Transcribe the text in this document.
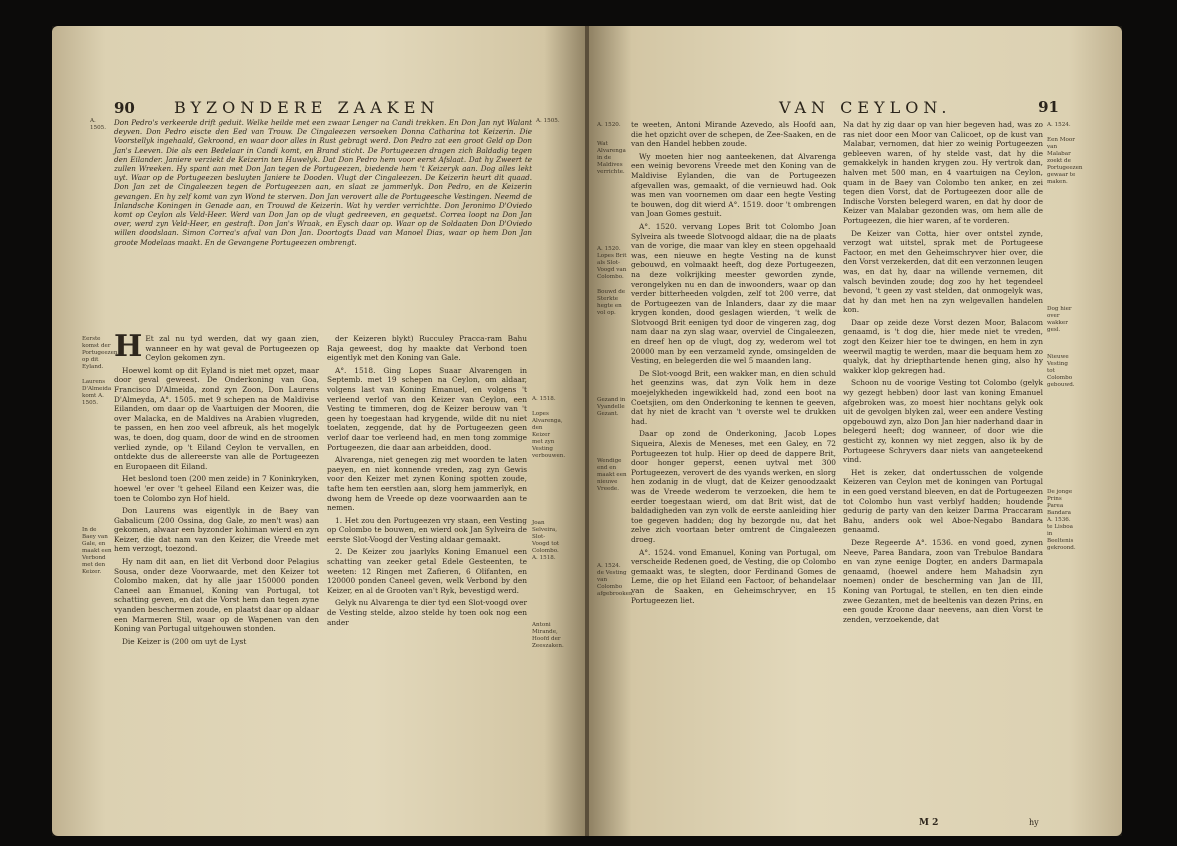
90 BYZONDERE ZAAKEN
A. 1505.
A. 1505.
Don Pedro's verkeerde drift geduit. Welke heilde met een zwaar Lenger na Candi trekken. En Don Jan nyt Walant deyven. Don Pedro eiscte den Eed van Trouw. De Cingaleezen versoeken Donna Catharina tot Keizerin. Die Voorstellyk ingehaald, Gekroond, en waar door alles in Rust gebragt werd. Don Pedro zat een groot Geld op Don Jan's Leeven. Die als een Bedelaar in Candi komt, en Brand sticht. De Portugeezen dragen zich Baldadig tegen den Eilander. Janiere verziekt de Keizerin ten Huwelyk. Dat Don Pedro hem voor eerst Afslaat. Dat hy Zweert te zullen Wreeken. Hy spant aan met Don Jan tegen de Portugeezen, biedende hem 't Keizeryk aan. Dog alles lekt uyt. Waar op de Portugeezen besluyten Janiere te Dooden. Vlugt der Cingaleezen. De Keizerin heurt dit quaad. Don Jan zet de Cingaleezen tegen de Portugeezen aan, en slaat ze jammerlyk. Don Pedro, en de Keizerin gevangen. En hy zelf komt van zyn Wond te sterven. Don Jan verovert alle de Portugeesche Vestingen. Neemd de Inlandsche Koningen in Genade aan, en Trouwd de Keizerin. Wat hy verder verrichtte. Don Jeronimo D'Oviedo komt op Ceylon als Veld-Heer. Werd van Don Jan op de vlugt gedreeven, en gequetst. Correa loopt na Don Jan over, werd zyn Veld-Heer, en gestraft. Don Jan's Wraak, en Eysch daar op. Waar op de Soldaaten Don D'Oviedo willen doodslaan. Simon Correa's afval van Don Jan. Doortogts Daad van Manoel Dias, waar op hem Don Jan groote Modelaas maakt. En de Gevangene Portugeezen ombrengt.

H Et zal nu tyd werden, dat wy gaan zien, wanneer en hy wat geval de Portugeezen op Ceylon gekomen zyn.

Hoewel komt op dit Eyland is niet met opzet, maar door geval geweest. De Onderkoning van Goa, Francisco D'Almeida, zond zyn Zoon, Don Laurens D'Almeyda, A°. 1505. met 9 schepen na de Maldivise Eilanden, om daar op de Vaartuigen der Mooren, die over Malacka, en de Maldives na Arabien vlugreden, te passen, en hen zoo veel afbreuk, als het mogelyk was, te doen, dog quam, door de wind en de stroomen verlied zynde, op 't Eiland Ceylon te vervallen, en ontdekte dus de allereerste van alle de Portugeezen en Europaeen dit Eiland.

Het beslond toen (200 men zeide) in 7 Koninkryken, hoewel 'er over 't geheel Eiland een Keizer was, die toen te Colombo zyn Hof hield.

Don Laurens was eigentlyk in de Baey van Gabalicum (200 Ossina, dog Gale, zo men't was) aan gekomen, alwaar een byzonder kohiman wierd en zyn Keizer, die dat nam van den Keizer, die Vreede met hem verzogt, toezond.

Hy nam dit aan, en liet dit Verbond door Pelagius Sousa, onder deze Voorwaarde, met den Keizer tot Colombo maken, dat hy alle jaar 150000 ponden Caneel aan Emanuel, Koning van Portugal, tot schatting geven, en dat die Vorst hem dan tegen zyne vyanden beschermen zoude, en plaatst daar op aldaar een Marmeren Stil, waar op de Wapenen van den Koning van Portugal uitgehouwen stonden.

Die Keizer is (200 om uyt de Lyst

der Keizeren blykt) Rucculey Pracca-ram Bahu Raja geweest, dog hy maakte dat Verbond toen eigentlyk met den Koning van Gale.

A°. 1518. Ging Lopes Suaar Alvarengen in Septemb. met 19 schepen na Ceylon, om aldaar, volgens last van Koning Emanuel, en volgens 't verleend verlof van den Keizer van Ceylon, een Vesting te timmeren, dog de Keizer berouw van 't geen hy toegestaan had krygende, wilde dit nu niet toelaten, zeggende, dat hy de Portugeezen geen verlof daar toe verleend had, en men tong zommige Portugeezen, die daar aan arbeidden, dood.

Alvarenga, niet genegen zig met woorden te laten paeyen, en niet konnende vreden, zag zyn Gewis voor den Keizer met zynen Koning spotten zoude, tafte hem ten eerstlen aan, slorg hem jammerlyk, en dwong hem de Vreede op deze voorwaarden aan te nemen.

1. Het zou den Portugeezen vry staan, een Vesting op Colombo te bouwen, en wierd ook Jan Sylveira de eerste Slot-Voogd der Vesting aldaar gemaakt.

2. De Keizer zou jaarlyks Koning Emanuel een schatting van zeeker getal Edele Gesteenten, te weeten: 12 Ringen met Zafieren, 6 Olifanten, en 120000 ponden Caneel geven, welk Verbond by den Keizer, en al de Grooten van't Ryk, bevestigd werd.

Gelyk nu Alvarenga te dier tyd een Slot-voogd over de Vesting stelde, alzoo stelde hy toen ook nog een ander

Eerste komst der Portugeezen op dit Eyland.
Laurens D'Almeida komt A. 1505.
In de Baey van Gale, en maakt een Verbond met den Keizer.
A. 1518.
Lopes Alvarenga, den Keizer met zyn Vesting verbouwen.
Joan Selveira, Slot-Voogd tot Colombo. A. 1518.
Antoni Mirande, Hoofd der Zeeszaken.
VAN CEYLON.	91

te weeten, Antoni Mirande Azevedo, als Hoofd aan, die het opzicht over de schepen, de Zee-Saaken, en de van den Handel hebben zoude.

Wy moeten hier nog aanteekenen, dat Alvarenga een weinig bevorens Vreede met den Koning van de Maldivise Eylanden, die van de Portugeezen afgevallen was, gemaakt, of die vernieuwd had. Ook was men van voornemen om daar een hegte Vesting te bouwen, dog dit wierd A°. 1519. door 't ombrengen van Joan Gomes gestuit.

A°. 1520. vervang Lopes Brit tot Colombo Joan Sylveira als tweede Slotvoogd aldaar, die na de plaats van de vorige, die maar van kley en steen opgehaald was, een nieuwe en hegte Vesting na de kunst gebouwd, en volmaakt heeft, dog deze Portugeezen, na deze volkrijking meester geworden zynde, verongelyken nu en dan de inwoonders, waar op dan verder bitterheeden volgden, zelf tot 200 verre, dat de Portugeezen van de Inlanders, daar zy die maar krygen konden, dood geslagen wierden, 't welk de Slotvoogd Brit eenigen tyd door de vingeren zag, dog nam daar na zyn slag waar, overviel de Cingaleezen, en dreef hen op de vlugt, dog zy, wederom wel tot 20000 man by een verzameld zynde, omsingelden de Vesting, en belegerden die wel 5 maanden lang.

De Slot-voogd Brit, een wakker man, en dien schuld het geenzins was, dat zyn Volk hem in deze moejelykheden ingewikkeld had, zond een boot na Coetsjien, om den Onderkoning te kennen te geeven, dat hy niet de kracht van 't overste wel te drukken had.

Daar op zond de Onderkoning, Jacob Lopes Siqueira, Alexis de Meneses, met een Galey, en 72 Portugeezen tot hulp. Hier op deed de dappere Brit, door honger geperst, eenen uytval met 300 Portugeezen, verovert de des vyands werken, en slorg hen zodanig in de vlugt, dat de Keizer genoodzaakt was de Vreede wederom te verzoeken, die hem te eerder toegestaan wierd, om dat Brit wist, dat de baldadigheden van zyn volk de eerste aanleiding hier toe gegeven hadden; dog hy bezorgde nu, dat het zelve zich voortaan beter omtrent de Cingaleezen droeg.

A°. 1524. vond Emanuel, Koning van Portugal, om verscheide Redenen goed, de Vesting, die op Colombo gemaakt was, te slegten, door Ferdinand Gomes de Leme, die op het Eiland een Factoor, of behandelaar van de Saaken, en Geheimschryver, en 15 Portugeezen liet.

Na dat hy zig daar op van hier begeven had, was zo ras niet door een Moor van Calicoet, op de kust van Malabar, vernomen, dat hier zo weinig Portugeezen gebleeven waren, of hy stelde vast, dat hy die gemakkelyk in handen krygen zou. Hy vertrok dan, halven met 500 man, en 4 vaartuigen na Ceylon, quam in de Baey van Colombo ten anker, en zei tegen dien Vorst, dat de Portugeezen door alle de Indische Vorsten belegerd waren, en dat hy door de Keizer van Malabar gezonden was, om hem alle de Portugeezen, die hier waren, af te vorderen.

De Keizer van Cotta, hier over ontstel zynde, verzogt wat uitstel, sprak met de Portugeese Factoor, en met den Geheimschryver hier over, die den Vorst verzekerden, dat dit een verzonnen leugen was, en dat hy, daar na willende vernemen, dit valsch bevinden zoude; dog zoo hy het tegendeel bevond, 't geen zy vast stelden, dat onmogelyk was, dat hy dan met hen na zyn welgevallen handelen kon.

Daar op zeide deze Vorst dezen Moor, Balacom genaamd, is 't dog die, hier mede niet te vreden, zogt den Keizer hier toe te dwingen, en hem in zyn weerwil magtig te werden, maar die bequam hem zo qualyk, dat hy driepthartende henen ging, also hy wakker klop gekregen had.

Schoon nu de voorige Vesting tot Colombo (gelyk wy gezegt hebben) door last van koning Emanuel afgebroken was, zo moest hier nochtans gelyk ook uit de gevolgen blyken zal, weer een andere Vesting opgebouwd zyn, alzo Don Jan hier naderhand daar in belegerd heeft; dog wanneer, of door wie die gesticht zy, konnen wy niet zeggen, also ik by de Portugeese Schryvers daar niets van aangeteekend vind.

Het is zeker, dat ondertusschen de volgende Keizeren van Ceylon met de koningen van Portugal in een goed verstand bleeven, en dat de Portugeezen tot Colombo hun vast verblyf hadden; houdende gedurig de party van den keizer Darma Praccaram Bahu, anders ook wel Aboe-Negabo Bandara genaamd.

Deze Regeerde A°. 1536. en vond goed, zynen Neeve, Parea Bandara, zoon van Trebuloe Bandara en van zyne eenige Dogter, en anders Darmapala genaamd, (hoewel andere hem Mahadsin zyn noemen) onder de bescherming van Jan de III, Koning van Portugal, te stellen, en ten dien einde zwee Gezanten, met de beeltenis van dezen Prins, en een goude Kroone daar neevens, aan dien Vorst te zenden, verzoekende, dat

A. 1520.
Wat Alvarenga in de Maldives verrichte.
A. 1520. Lopes Brit als Slot-Voogd van Colombo.
Bouwd de Sterkte hegte en vol op.
Gezand in Vyandelle Gezant.
Wendige end en maakt een nieuwe Vreede.
A. 1524. de Vesting van Colombo afgebrooken.
A. 1524.
Een Moor van Malabar zoekt de Portugeezen gewaar te maken.
Dog hier over wakker gesl.
Nieuwe Vesting tot Colombo gebouwd.
De jonge Prins Parea Bandara A. 1536. te Lisboa in Beeltenis gekroond.
M 2	hy
